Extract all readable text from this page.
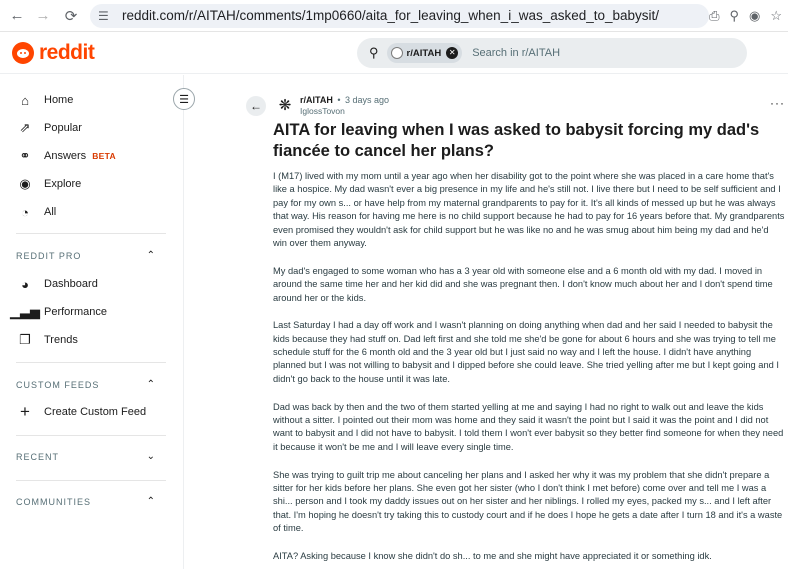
← → ⟳	☰ reddit.com/r/AITAH/comments/1mp0660/aita_for_leaving_when_i_was_asked_to_babysit/	⎙ ⚲ ◉ ☆
reddit	⚲	r/AITAH ✕ Search in r/AITAH
⌂	Home
⇗	Popular
⚭	Answers BETA
◉	Explore
◔	All
REDDIT PRO	⌃
◕	Dashboard
▁▃▅ Performance
❐ Trends
CUSTOM FEEDS	⌃
+	Create Custom Feed
RECENT	⌄
COMMUNITIES	⌃
☰	← ❋ r/AITAH • 3 days ago
IglossTovon
···
AITA for leaving when I was asked to babysit forcing my dad's fiancée to cancel her plans?

I (M17) lived with my mom until a year ago when her disability got to the point where she was placed in a care home that's like a hospice. My dad wasn't ever a big presence in my life and he's still not. I live there but I need to be self sufficient and I pay for my own s... or have help from my maternal grandparents to pay for it. It's all kinds of messed up but he was always that way. His reason for having me here is no child support because he had to pay for 16 years before that. My grandparents even promised they wouldn't ask for child support but he was like no and he was smug about him being my dad and he'd win over them anyway.

My dad's engaged to some woman who has a 3 year old with someone else and a 6 month old with my dad. I moved in around the same time her and her kid did and she was pregnant then. I don't know much about her and I don't spend time around her or the kids.

Last Saturday I had a day off work and I wasn't planning on doing anything when dad and her said I needed to babysit the kids because they had stuff on. Dad left first and she told me she'd be gone for about 6 hours and she was trying to tell me schedule stuff for the 6 month old and the 3 year old but I just said no way and I left the house. I didn't have anything planned but I was not willing to babysit and I dipped before she could leave. She tried yelling after me but I kept going and I didn't go back to the house until it was late.

Dad was back by then and the two of them started yelling at me and saying I had no right to walk out and leave the kids without a sitter. I pointed out their mom was home and they said it wasn't the point but I said it was the point and I did not want to babysit and I did not have to babysit. I told them I won't ever babysit so they better find someone for when they need it because it won't be me and I will leave every single time.

She was trying to guilt trip me about canceling her plans and I asked her why it was my problem that she didn't prepare a sitter for her kids before her plans. She even got her sister (who I don't think I met before) come over and tell me I was a shi... person and I took my daddy issues out on her sister and her niblings. I rolled my eyes, packed my s... and I left after that. I'm hoping he doesn't try taking this to custody court and if he does I hope he gets a date after I turn 18 and it's a waste of time.

AITA? Asking because I know she didn't do sh... to me and she might have appreciated it or something idk.
